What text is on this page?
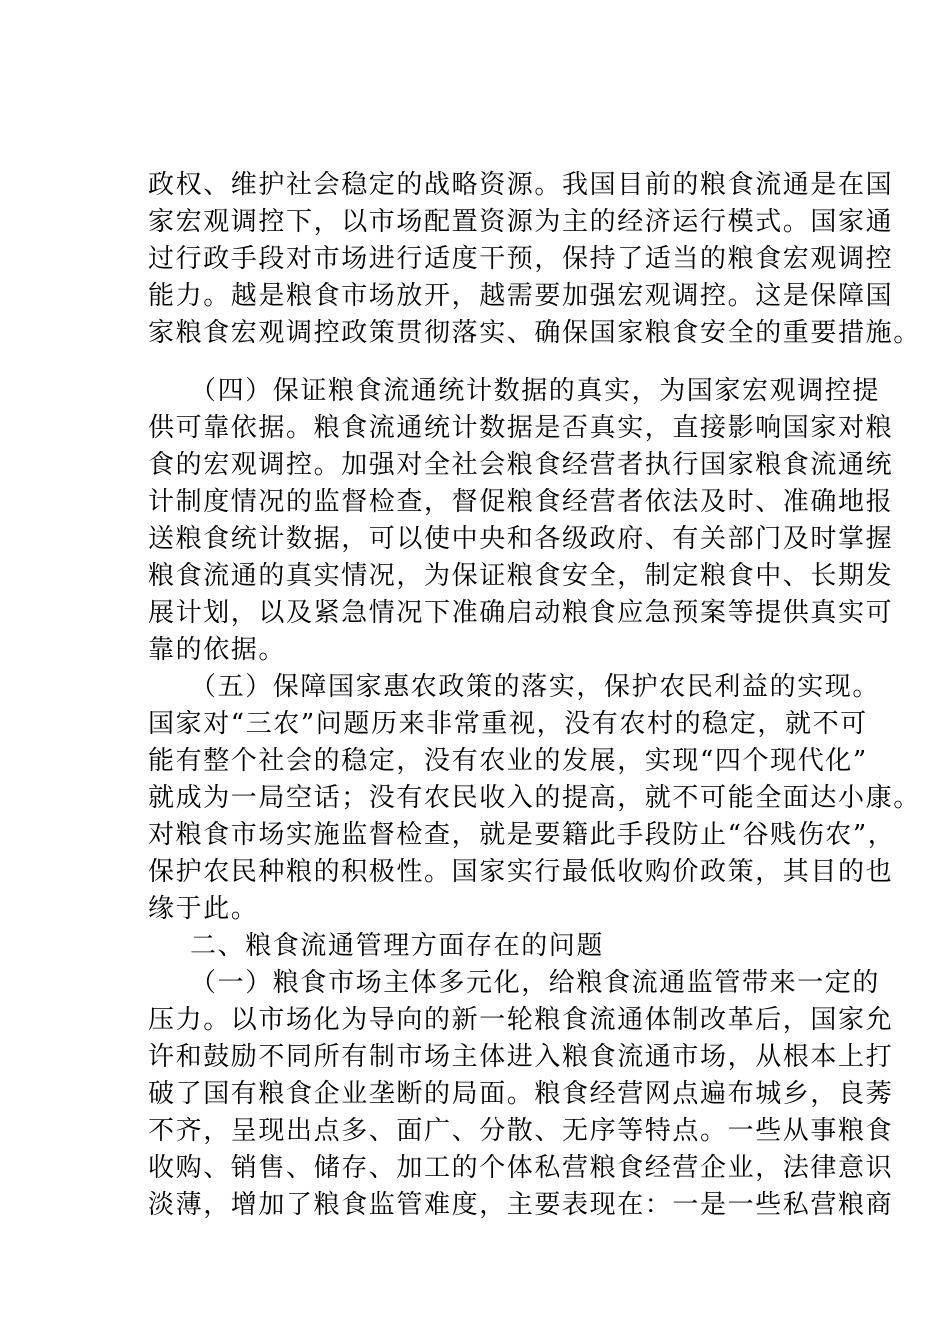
政权、维护社会稳定的战略资源。我国目前的粮食流通是在国
家宏观调控下，以市场配置资源为主的经济运行模式。国家通
过行政手段对市场进行适度干预，保持了适当的粮食宏观调控
能力。越是粮食市场放开，越需要加强宏观调控。这是保障国
家粮食宏观调控政策贯彻落实、确保国家粮食安全的重要措施。
（四）保证粮食流通统计数据的真实，为国家宏观调控提
供可靠依据。粮食流通统计数据是否真实，直接影响国家对粮
食的宏观调控。加强对全社会粮食经营者执行国家粮食流通统
计制度情况的监督检查，督促粮食经营者依法及时、准确地报
送粮食统计数据，可以使中央和各级政府、有关部门及时掌握
粮食流通的真实情况，为保证粮食安全，制定粮食中、长期发
展计划，以及紧急情况下准确启动粮食应急预案等提供真实可
靠的依据。
（五）保障国家惠农政策的落实，保护农民利益的实现。
国家对“三农”问题历来非常重视，没有农村的稳定，就不可
能有整个社会的稳定，没有农业的发展，实现“四个现代化”
就成为一局空话；没有农民收入的提高，就不可能全面达小康。
对粮食市场实施监督检查，就是要籍此手段防止“谷贱伤农”，
保护农民种粮的积极性。国家实行最低收购价政策，其目的也
缘于此。
二、粮食流通管理方面存在的问题
（一）粮食市场主体多元化，给粮食流通监管带来一定的
压力。以市场化为导向的新一轮粮食流通体制改革后，国家允
许和鼓励不同所有制市场主体进入粮食流通市场，从根本上打
破了国有粮食企业垄断的局面。粮食经营网点遍布城乡，良莠
不齐，呈现出点多、面广、分散、无序等特点。一些从事粮食
收购、销售、储存、加工的个体私营粮食经营企业，法律意识
淡薄，增加了粮食监管难度，主要表现在：一是一些私营粮商
